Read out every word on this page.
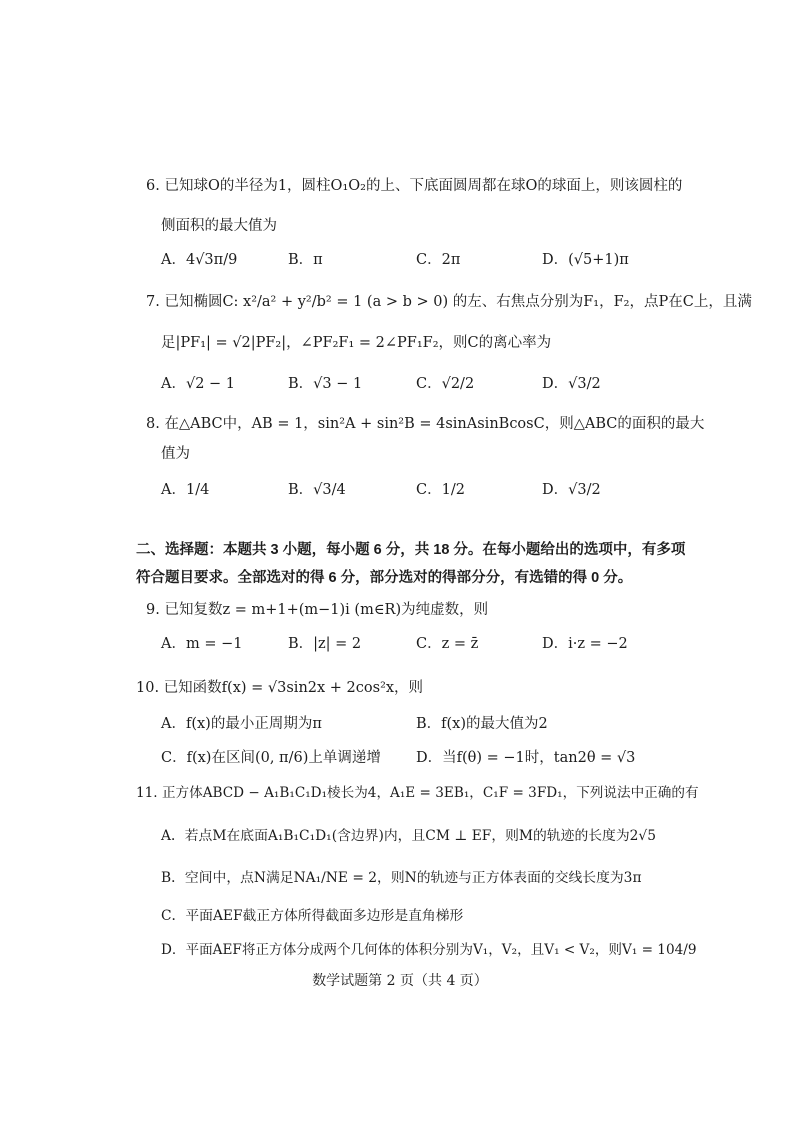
6. 已知球O的半径为1，圆柱O₁O₂的上、下底面圆周都在球O的球面上，则该圆柱的
侧面积的最大值为
A．4√3π/9	B．π	C．2π	D．(√5+1)π
7. 已知椭圆C: x²/a² + y²/b² = 1 (a > b > 0) 的左、右焦点分别为F₁，F₂，点P在C上，且满
足|PF₁| = √2|PF₂|，∠PF₂F₁ = 2∠PF₁F₂，则C的离心率为
A．√2 − 1	B．√3 − 1	C．√2/2	D．√3/2
8. 在△ABC中，AB = 1，sin²A + sin²B = 4sinAsinBcosC，则△ABC的面积的最大
值为
A．1/4	B．√3/4	C．1/2	D．√3/2
二、选择题：本题共 3 小题，每小题 6 分，共 18 分。在每小题给出的选项中，有多项
符合题目要求。全部选对的得 6 分，部分选对的得部分分，有选错的得 0 分。
9. 已知复数z = m+1+(m−1)i (m∈R)为纯虚数，则
A．m = −1	B．|z| = 2	C．z = z̄	D．i·z = −2
10. 已知函数f(x) = √3sin2x + 2cos²x，则
A．f(x)的最小正周期为π	B．f(x)的最大值为2
C．f(x)在区间(0, π/6)上单调递增 D．当f(θ) = −1时，tan2θ = √3
11. 正方体ABCD − A₁B₁C₁D₁棱长为4，A₁E = 3EB₁，C₁F = 3FD₁，下列说法中正确的有
A．若点M在底面A₁B₁C₁D₁(含边界)内，且CM ⊥ EF，则M的轨迹的长度为2√5
B．空间中，点N满足NA₁/NE = 2，则N的轨迹与正方体表面的交线长度为3π
C．平面AEF截正方体所得截面多边形是直角梯形
D．平面AEF将正方体分成两个几何体的体积分别为V₁，V₂，且V₁ < V₂，则V₁ = 104/9
数学试题第 2 页（共 4 页）
